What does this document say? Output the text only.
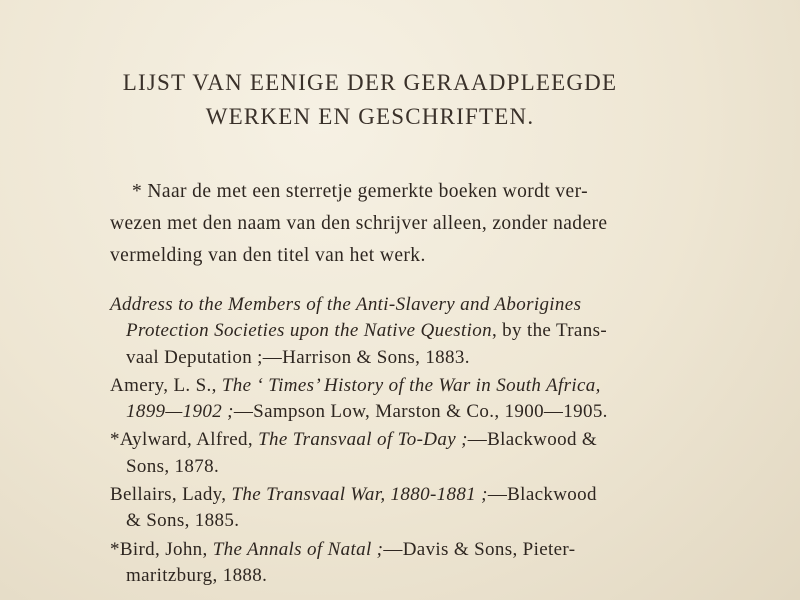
LIJST VAN EENIGE DER GERAADPLEEGDE
WERKEN EN GESCHRIFTEN.
* Naar de met een sterretje gemerkte boeken wordt ver-
wezen met den naam van den schrijver alleen, zonder nadere
vermelding van den titel van het werk.
Address to the Members of the Anti-Slavery and Aborigines
Protection Societies upon the Native Question, by the Trans-
vaal Deputation ;—Harrison & Sons, 1883.
Amery, L. S., The ‘ Times’ History of the War in South Africa,
1899—1902 ;—Sampson Low, Marston & Co., 1900—1905.
*Aylward, Alfred, The Transvaal of To-Day ;—Blackwood &
Sons, 1878.
Bellairs, Lady, The Transvaal War, 1880-1881 ;—Blackwood
& Sons, 1885.
*Bird, John, The Annals of Natal ;—Davis & Sons, Pieter-
maritzburg, 1888.
